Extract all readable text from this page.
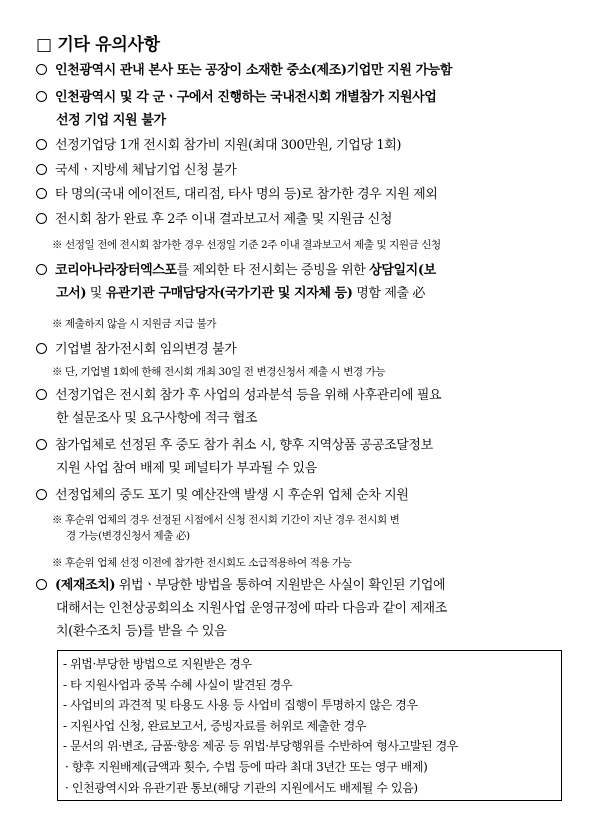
□ 기타 유의사항
인천광역시 관내 본사 또는 공장이 소재한 중소(제조)기업만 지원 가능함
인천광역시 및 각 군ㆍ구에서 진행하는 국내전시회 개별참가 지원사업
선정 기업 지원 불가
선정기업당 1개 전시회 참가비 지원(최대 300만원, 기업당 1회)
국세ㆍ지방세 체납기업 신청 불가
타 명의(국내 에이전트, 대리점, 타사 명의 등)로 참가한 경우 지원 제외
전시회 참가 완료 후 2주 이내 결과보고서 제출 및 지원금 신청
※ 선정일 전에 전시회 참가한 경우 선정일 기준 2주 이내 결과보고서 제출 및 지원금 신청
코리아나라장터엑스포를 제외한 타 전시회는 증빙을 위한 상담일지(보
고서) 및 유관기관 구매담당자(국가기관 및 지자체 등) 명함 제출 必
※ 제출하지 않을 시 지원금 지급 불가
기업별 참가전시회 임의변경 불가
※ 단, 기업별 1회에 한해 전시회 개최 30일 전 변경신청서 제출 시 변경 가능
선정기업은 전시회 참가 후 사업의 성과분석 등을 위해 사후관리에 필요
한 설문조사 및 요구사항에 적극 협조
참가업체로 선정된 후 중도 참가 취소 시, 향후 지역상품 공공조달정보
지원 사업 참여 배제 및 페널티가 부과될 수 있음
선정업체의 중도 포기 및 예산잔액 발생 시 후순위 업체 순차 지원
※ 후순위 업체의 경우 선정된 시점에서 신청 전시회 기간이 지난 경우 전시회 변
경 가능(변경신청서 제출 必)
※ 후순위 업체 선정 이전에 참가한 전시회도 소급적용하여 적용 가능
(제재조치) 위법ㆍ부당한 방법을 통하여 지원받은 사실이 확인된 기업에
대해서는 인천상공회의소 지원사업 운영규정에 따라 다음과 같이 제재조
치(환수조치 등)를 받을 수 있음
- 위법·부당한 방법으로 지원받은 경우
- 타 지원사업과 중복 수혜 사실이 발견된 경우
- 사업비의 과견적 및 타용도 사용 등 사업비 집행이 투명하지 않은 경우
- 지원사업 신청, 완료보고서, 증빙자료를 허위로 제출한 경우
- 문서의 위·변조, 금품·향응 제공 등 위법·부당행위를 수반하여 형사고발된 경우
· 향후 지원배제(금액과 횟수, 수법 등에 따라 최대 3년간 또는 영구 배제)
· 인천광역시와 유관기관 통보(해당 기관의 지원에서도 배제될 수 있음)
